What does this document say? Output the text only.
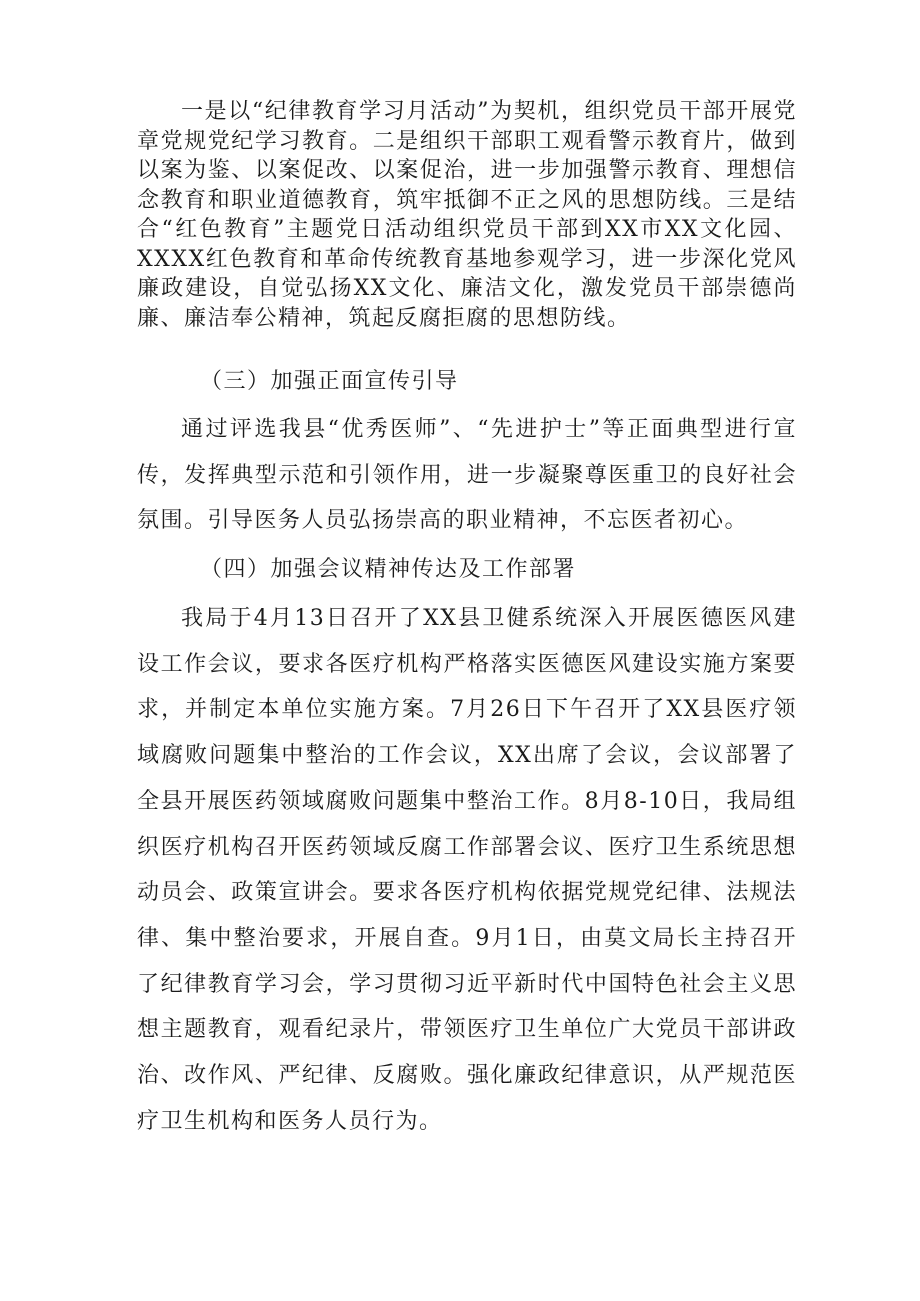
一是以“纪律教育学习月活动”为契机，组织党员干部开展党章党规党纪学习教育。二是组织干部职工观看警示教育片，做到以案为鉴、以案促改、以案促治，进一步加强警示教育、理想信念教育和职业道德教育，筑牢抵御不正之风的思想防线。三是结合“红色教育”主题党日活动组织党员干部到XX市XX文化园、XXXX红色教育和革命传统教育基地参观学习，进一步深化党风廉政建设，自觉弘扬XX文化、廉洁文化，激发党员干部崇德尚廉、廉洁奉公精神，筑起反腐拒腐的思想防线。

（三）加强正面宣传引导

通过评选我县“优秀医师”、“先进护士”等正面典型进行宣传，发挥典型示范和引领作用，进一步凝聚尊医重卫的良好社会氛围。引导医务人员弘扬崇高的职业精神，不忘医者初心。

（四）加强会议精神传达及工作部署

我局于4月13日召开了XX县卫健系统深入开展医德医风建设工作会议，要求各医疗机构严格落实医德医风建设实施方案要求，并制定本单位实施方案。7月26日下午召开了XX县医疗领域腐败问题集中整治的工作会议，XX出席了会议，会议部署了全县开展医药领域腐败问题集中整治工作。8月8-10日，我局组织医疗机构召开医药领域反腐工作部署会议、医疗卫生系统思想动员会、政策宣讲会。要求各医疗机构依据党规党纪律、法规法律、集中整治要求，开展自查。9月1日，由莫文局长主持召开了纪律教育学习会，学习贯彻习近平新时代中国特色社会主义思想主题教育，观看纪录片，带领医疗卫生单位广大党员干部讲政治、改作风、严纪律、反腐败。强化廉政纪律意识，从严规范医疗卫生机构和医务人员行为。
